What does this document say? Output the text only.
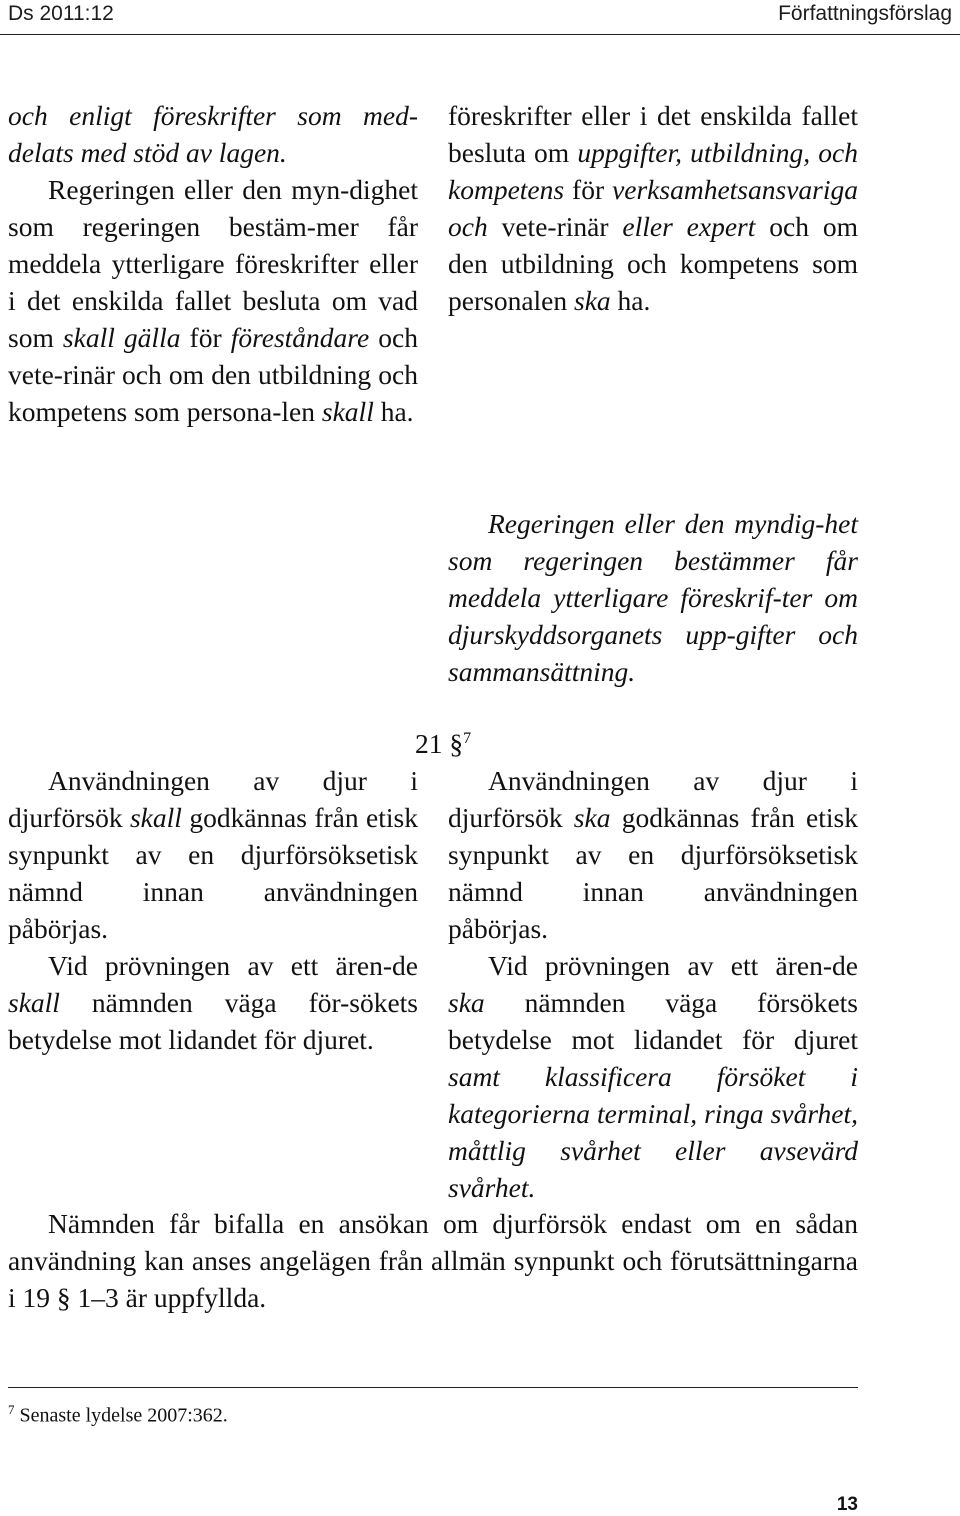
Ds 2011:12	Författningsförslag

och enligt föreskrifter som med-delats med stöd av lagen.

Regeringen eller den myn-dighet som regeringen bestäm-mer får meddela ytterligare föreskrifter eller i det enskilda fallet besluta om vad som skall gälla för föreståndare och vete-rinär och om den utbildning och kompetens som persona-len skall ha.

föreskrifter eller i det enskilda fallet besluta om uppgifter, utbildning, och kompetens för verksamhetsansvariga och vete-rinär eller expert och om den utbildning och kompetens som personalen ska ha.

Regeringen eller den myndig-het som regeringen bestämmer får meddela ytterligare föreskrif-ter om djurskyddsorganets upp-gifter och sammansättning.

21 §$^7$

Användningen av djur i djurförsök skall godkännas från etisk synpunkt av en djurförsöksetisk nämnd innan användningen påbörjas.

Vid prövningen av ett ären-de skall nämnden väga för-sökets betydelse mot lidandet för djuret.

Användningen av djur i djurförsök ska godkännas från etisk synpunkt av en djurförsöksetisk nämnd innan användningen påbörjas.

Vid prövningen av ett ären-de ska nämnden väga försökets betydelse mot lidandet för djuret samt klassificera försöket i kategorierna terminal, ringa svårhet, måttlig svårhet eller avsevärd svårhet.

Nämnden får bifalla en ansökan om djurförsök endast om en sådan användning kan anses angelägen från allmän synpunkt och förutsättningarna i 19 § 1–3 är uppfyllda.

$^7$ Senaste lydelse 2007:362.
13
